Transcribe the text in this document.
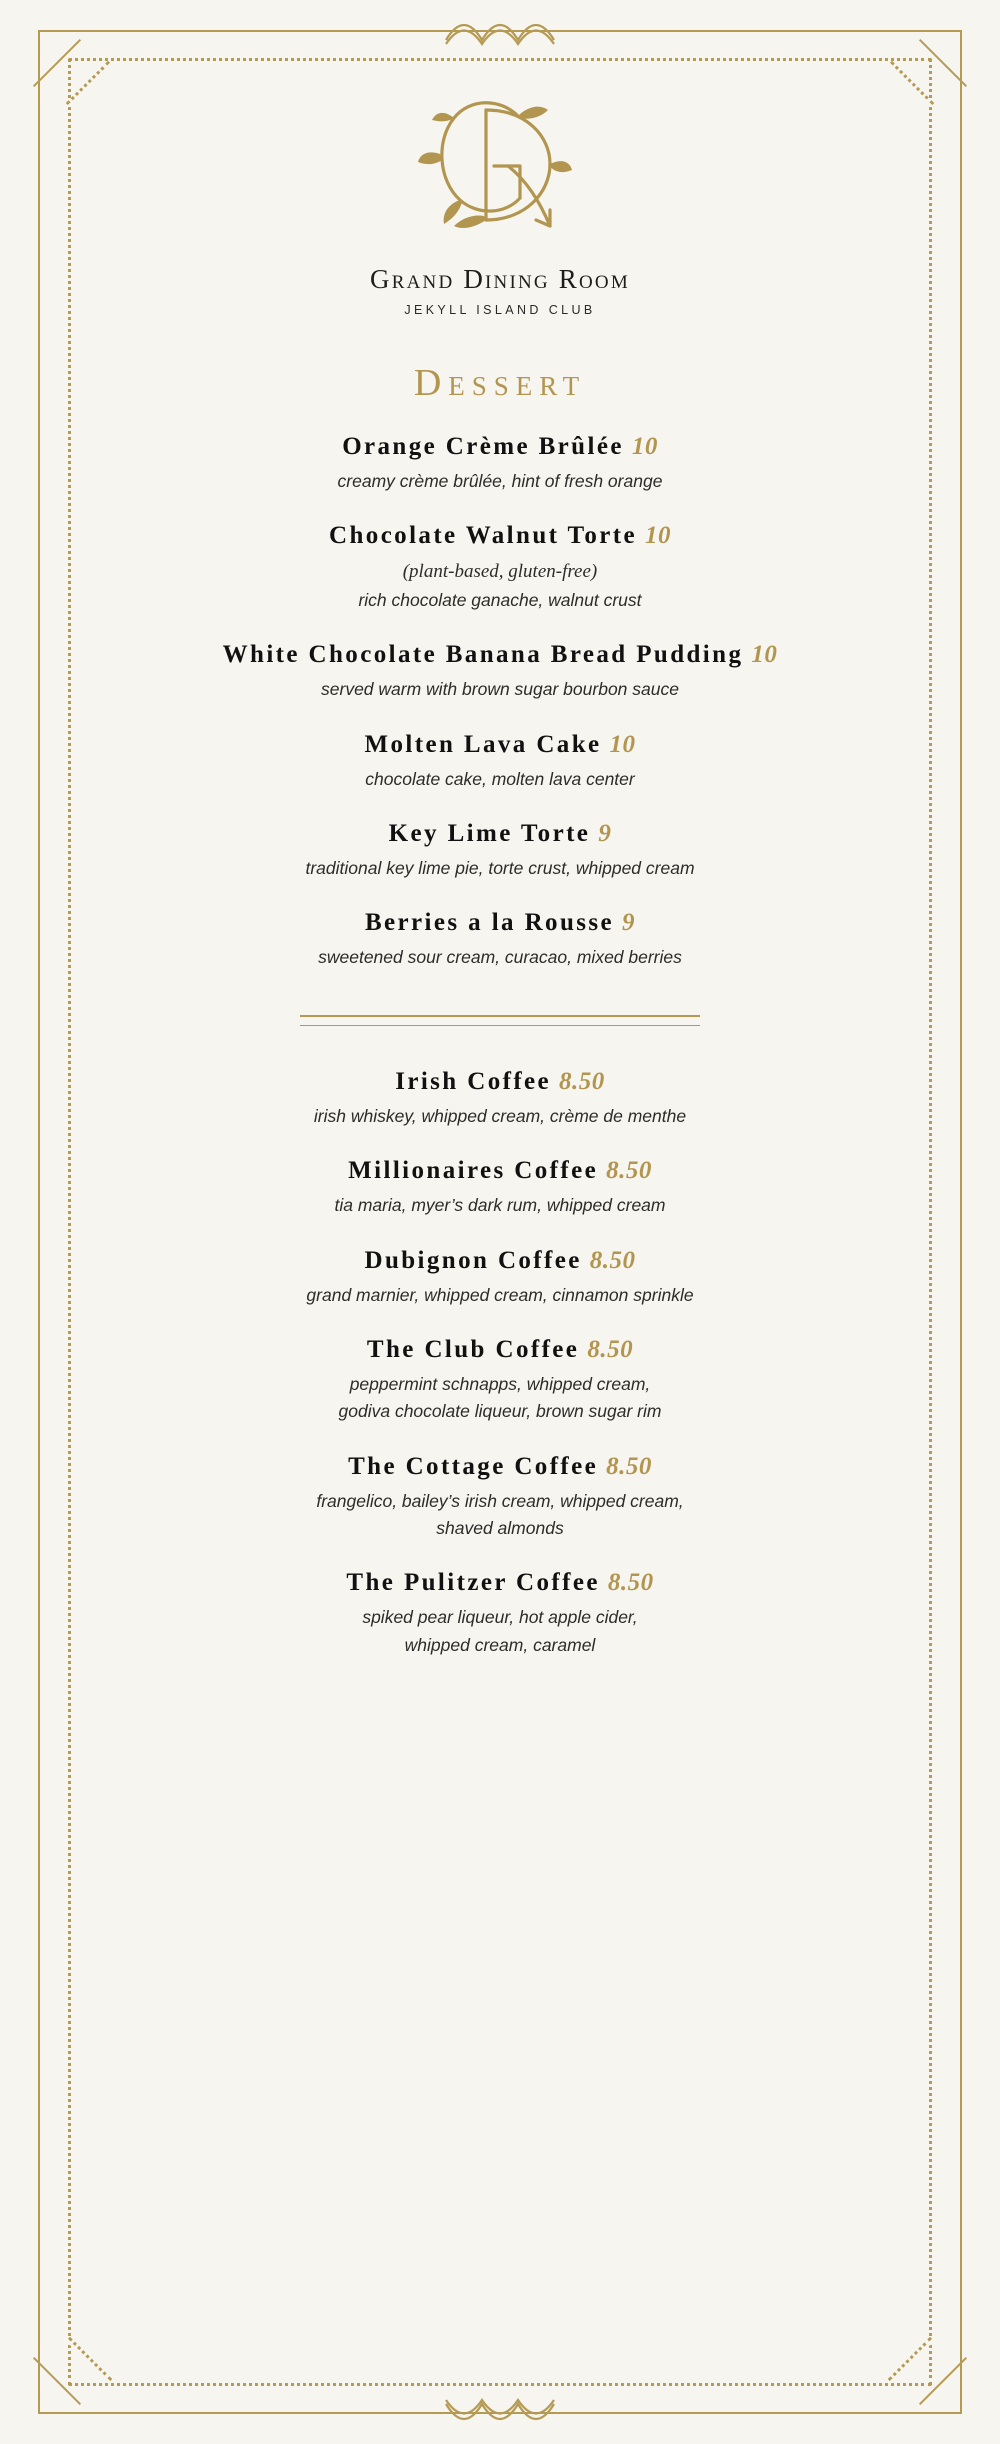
Grand Dining Room
JEKYLL ISLAND CLUB
Dessert
Orange Crème Brûlée 10
creamy crème brûlée, hint of fresh orange
Chocolate Walnut Torte 10
(plant-based, gluten-free)
rich chocolate ganache, walnut crust
White Chocolate Banana Bread Pudding 10
served warm with brown sugar bourbon sauce
Molten Lava Cake 10
chocolate cake, molten lava center
Key Lime Torte 9
traditional key lime pie, torte crust, whipped cream
Berries a la Rousse 9
sweetened sour cream, curacao, mixed berries
Irish Coffee 8.50
irish whiskey, whipped cream, crème de menthe
Millionaires Coffee 8.50
tia maria, myer’s dark rum, whipped cream
Dubignon Coffee 8.50
grand marnier, whipped cream, cinnamon sprinkle
The Club Coffee 8.50
peppermint schnapps, whipped cream,
godiva chocolate liqueur, brown sugar rim
The Cottage Coffee 8.50
frangelico, bailey’s irish cream, whipped cream,
shaved almonds
The Pulitzer Coffee 8.50
spiked pear liqueur, hot apple cider,
whipped cream, caramel
